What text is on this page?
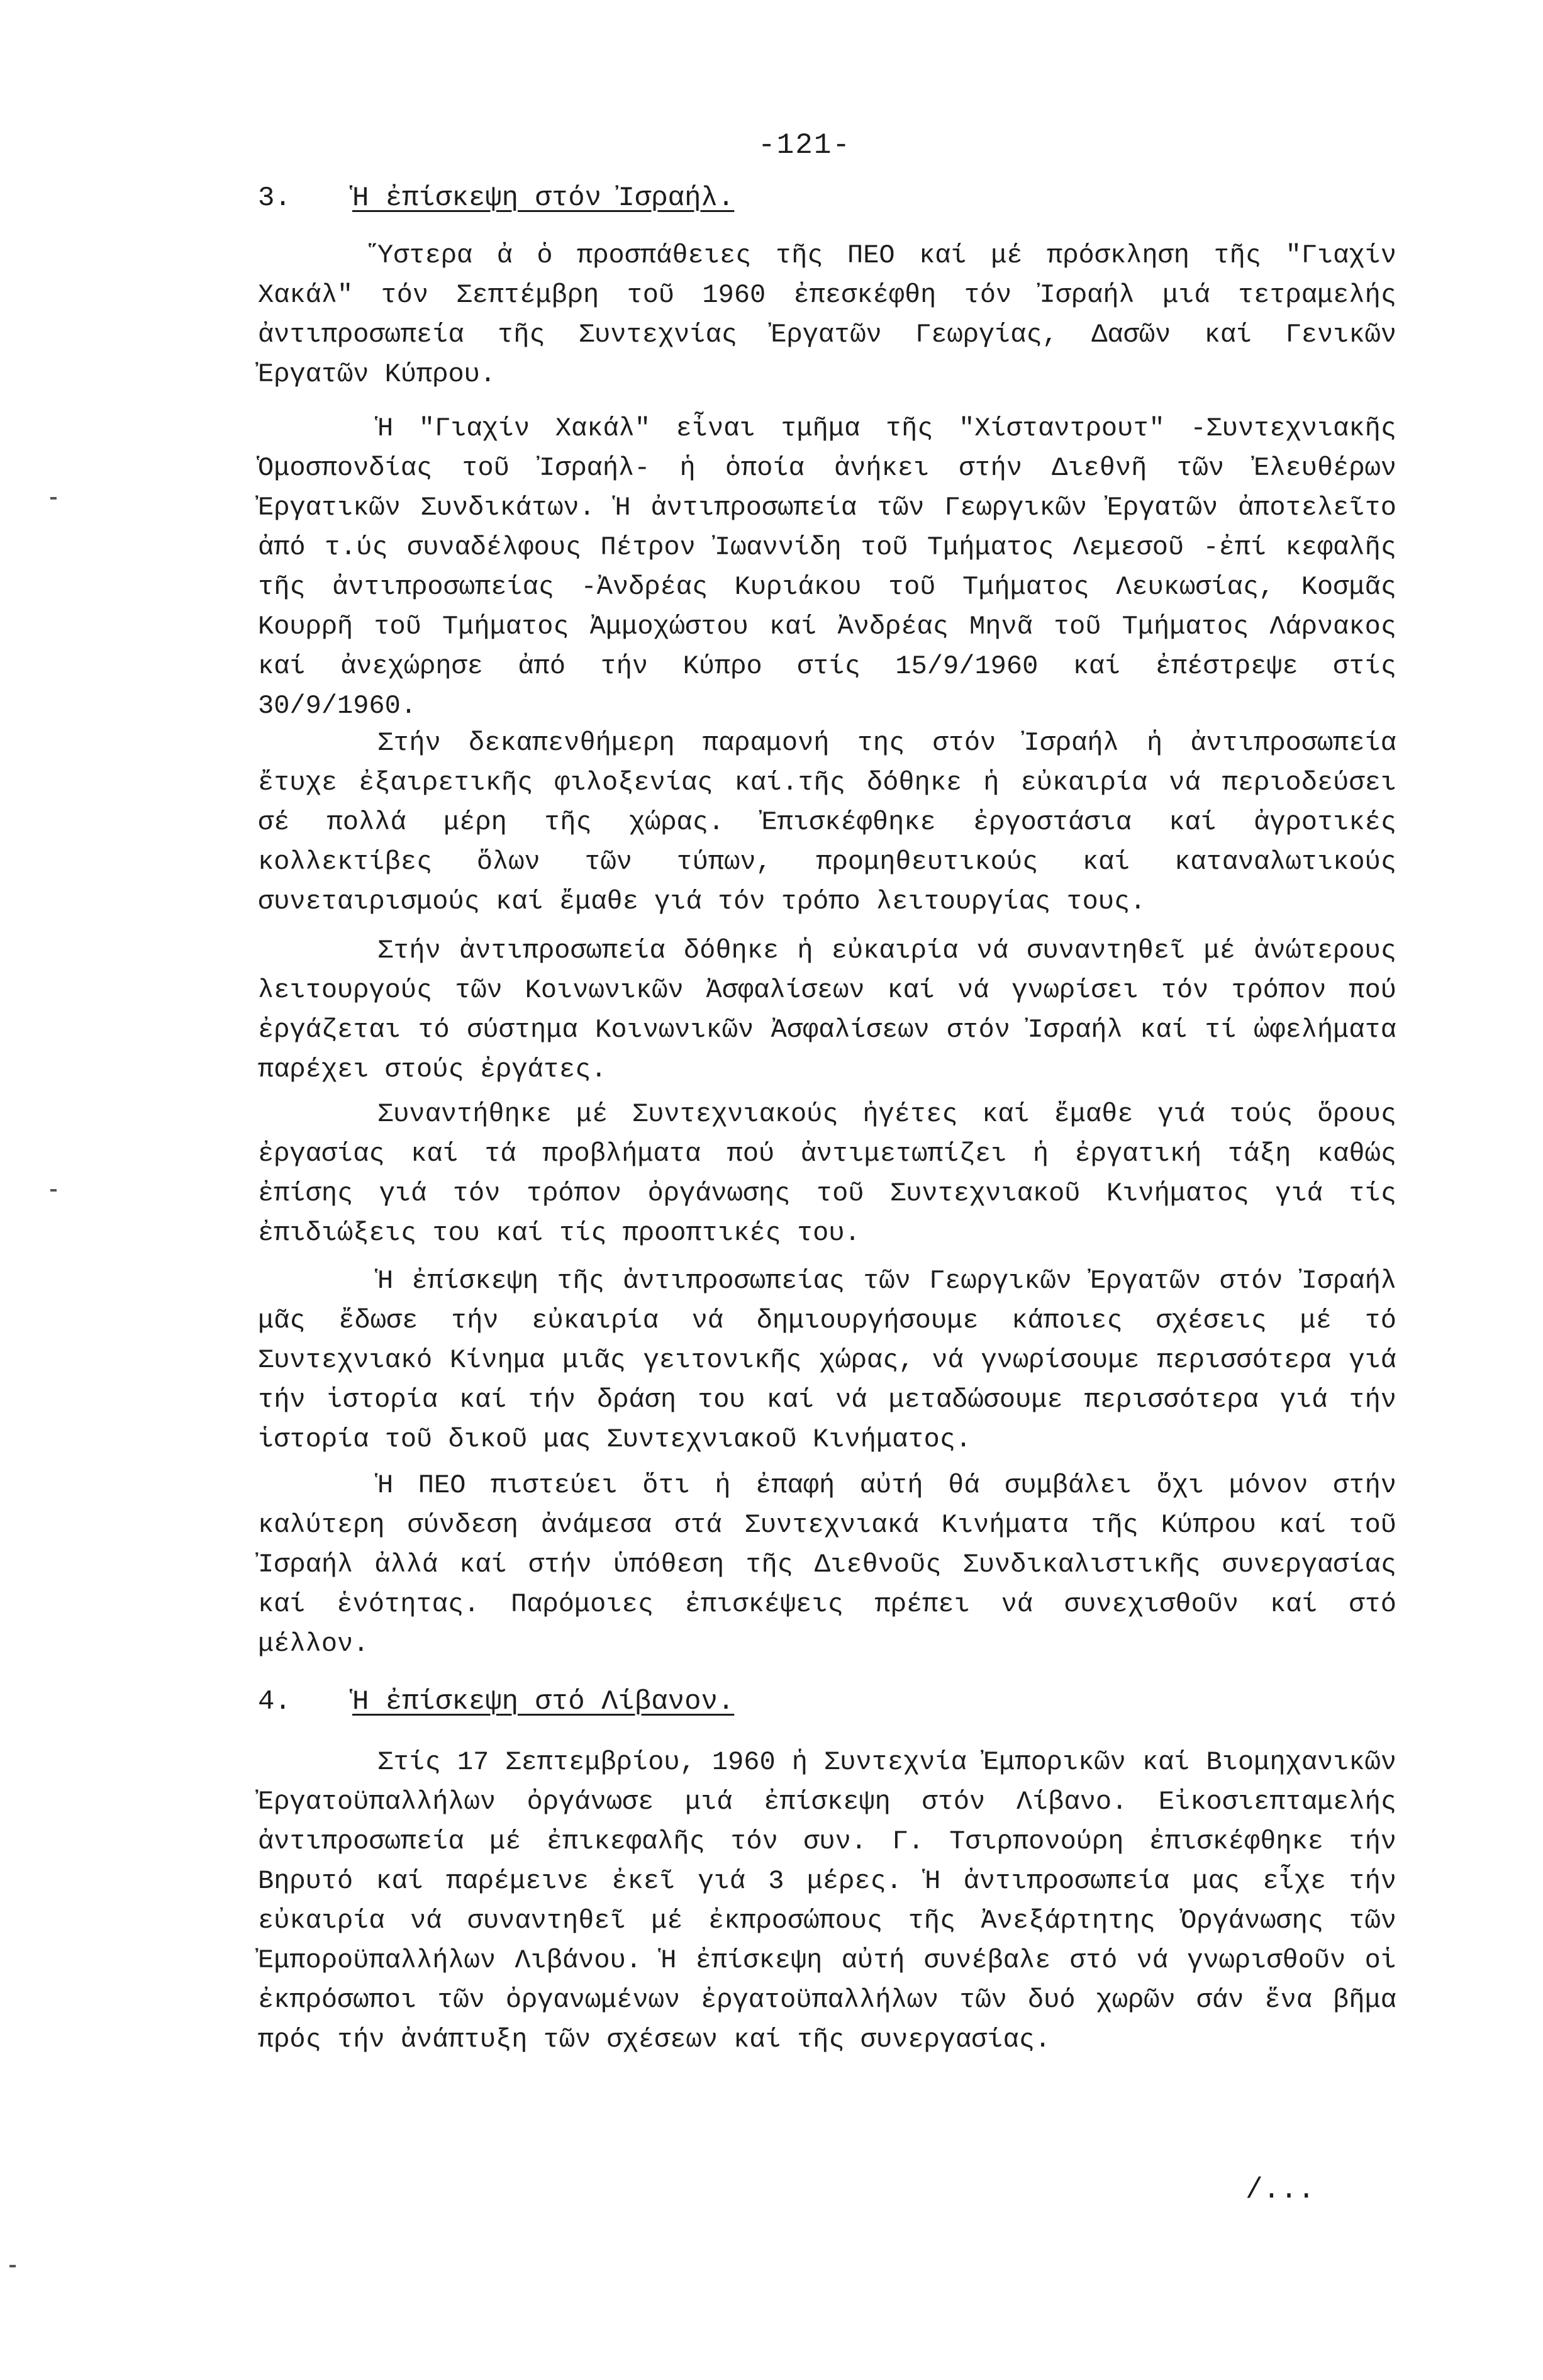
-121-
3. Ἡ ἐπίσκεψη στόν Ἰσραήλ.

Ὕστερα ἀ ὁ προσπάθειες τῆς ΠΕΟ καί μέ πρόσκληση τῆς "Γιαχίν Χακάλ" τόν Σεπτέμβρη τοῦ 1960 ἐπεσκέφθη τόν Ἰσραήλ μιά τετραμελής ἀντιπροσωπεία τῆς Συντεχνίας Ἐργατῶν Γεωργίας, Δασῶν καί Γενικῶν Ἐργατῶν Κύπρου.

Ἡ "Γιαχίν Χακάλ" εἶναι τμῆμα τῆς "Χίσταντρουτ" -Συντεχνιακῆς Ὁμοσπονδίας τοῦ Ἰσραήλ- ἡ ὁποία ἀνήκει στήν Διεθνῆ τῶν Ἐλευθέρων Ἐργατικῶν Συνδικάτων. Ἡ ἀντιπροσωπεία τῶν Γεωργικῶν Ἐργατῶν ἀποτελεῖτο ἀπό τ.ύς συναδέλφους Πέτρον Ἰωαννίδη τοῦ Τμήματος Λεμεσοῦ -ἐπί κεφαλῆς τῆς ἀντιπροσωπείας -Ἀνδρέας Κυριάκου τοῦ Τμήματος Λευκωσίας, Κοσμᾶς Κουρρῆ τοῦ Τμήματος Ἀμμοχώστου καί Ἀνδρέας Μηνᾶ τοῦ Τμήματος Λάρνακος καί ἀνεχώρησε ἀπό τήν Κύπρο στίς 15/9/1960 καί ἐπέστρεψε στίς 30/9/1960.

Στήν δεκαπενθήμερη παραμονή της στόν Ἰσραήλ ἡ ἀντιπροσωπεία ἔτυχε ἐξαιρετικῆς φιλοξενίας καί.τῆς δόθηκε ἡ εὐκαιρία νά περιοδεύσει σέ πολλά μέρη τῆς χώρας. Ἐπισκέφθηκε ἐργοστάσια καί ἀγροτικές κολλεκτίβες ὅλων τῶν τύπων, προμηθευτικούς καί καταναλωτικούς συνεταιρισμούς καί ἔμαθε γιά τόν τρόπο λειτουργίας τους.

Στήν ἀντιπροσωπεία δόθηκε ἡ εὐκαιρία νά συναντηθεῖ μέ ἀνώτερους λειτουργούς τῶν Κοινωνικῶν Ἀσφαλίσεων καί νά γνωρίσει τόν τρόπον πού ἐργάζεται τό σύστημα Κοινωνικῶν Ἀσφαλίσεων στόν Ἰσραήλ καί τί ὠφελήματα παρέχει στούς ἐργάτες.

Συναντήθηκε μέ Συντεχνιακούς ἡγέτες καί ἔμαθε γιά τούς ὅρους ἐργασίας καί τά προβλήματα πού ἀντιμετωπίζει ἡ ἐργατική τάξη καθώς ἐπίσης γιά τόν τρόπον ὀργάνωσης τοῦ Συντεχνιακοῦ Κινήματος γιά τίς ἐπιδιώξεις του καί τίς προοπτικές του.

Ἡ ἐπίσκεψη τῆς ἀντιπροσωπείας τῶν Γεωργικῶν Ἐργατῶν στόν Ἰσραήλ μᾶς ἔδωσε τήν εὐκαιρία νά δημιουργήσουμε κάποιες σχέσεις μέ τό Συντεχνιακό Κίνημα μιᾶς γειτονικῆς χώρας, νά γνωρίσουμε περισσότερα γιά τήν ἱστορία καί τήν δράση του καί νά μεταδώσουμε περισσότερα γιά τήν ἱστορία τοῦ δικοῦ μας Συντεχνιακοῦ Κινήματος.

Ἡ ΠΕΟ πιστεύει ὅτι ἡ ἐπαφή αὐτή θά συμβάλει ὄχι μόνον στήν καλύτερη σύνδεση ἀνάμεσα στά Συντεχνιακά Κινήματα τῆς Κύπρου καί τοῦ Ἰσραήλ ἀλλά καί στήν ὑπόθεση τῆς Διεθνοῦς Συνδικαλιστικῆς συνεργασίας καί ἑνότητας. Παρόμοιες ἐπισκέψεις πρέπει νά συνεχισθοῦν καί στό μέλλον.

4. Ἡ ἐπίσκεψη στό Λίβανον.

Στίς 17 Σεπτεμβρίου, 1960 ἡ Συντεχνία Ἐμπορικῶν καί Βιομηχανικῶν Ἐργατοϋπαλλήλων ὀργάνωσε μιά ἐπίσκεψη στόν Λίβανο. Εἰκοσιεπταμελής ἀντιπροσωπεία μέ ἐπικεφαλῆς τόν συν. Γ. Τσιρπονούρη ἐπισκέφθηκε τήν Βηρυτό καί παρέμεινε ἐκεῖ γιά 3 μέρες. Ἡ ἀντιπροσωπεία μας εἶχε τήν εὐκαιρία νά συναντηθεῖ μέ ἐκπροσώπους τῆς Ἀνεξάρτητης Ὀργάνωσης τῶν Ἐμποροϋπαλλήλων Λιβάνου. Ἡ ἐπίσκεψη αὐτή συνέβαλε στό νά γνωρισθοῦν οἱ ἐκπρόσωποι τῶν ὀργανωμένων ἐργατοϋπαλλήλων τῶν δυό χωρῶν σάν ἕνα βῆμα πρός τήν ἀνάπτυξη τῶν σχέσεων καί τῆς συνεργασίας.

/...
